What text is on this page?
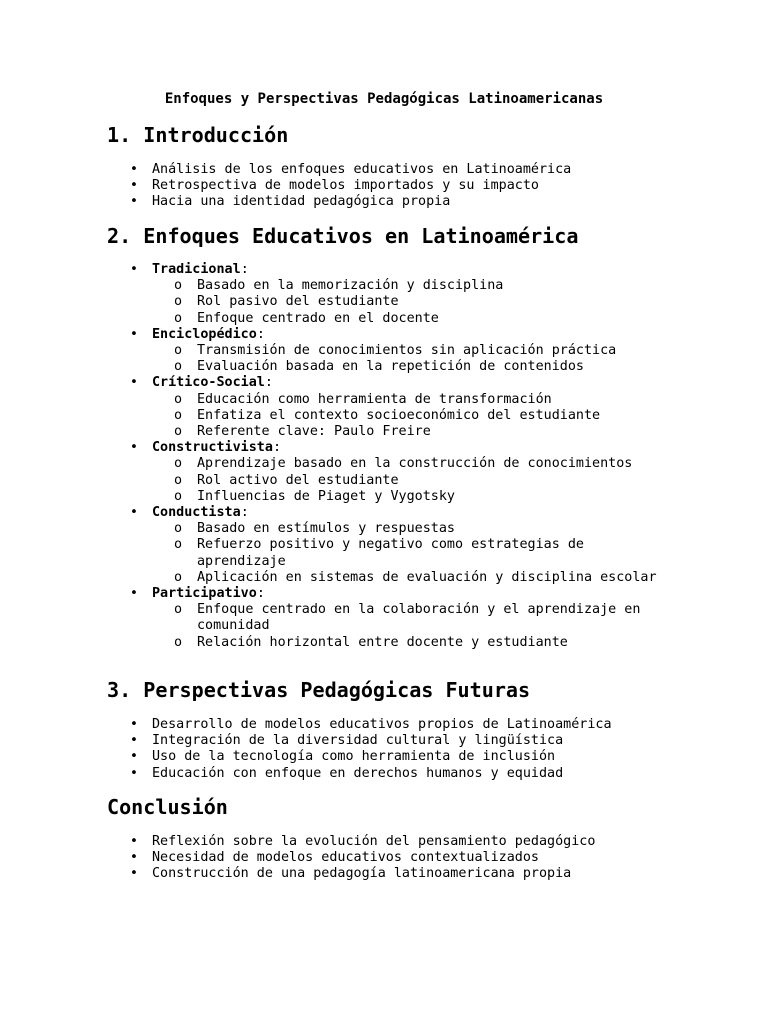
Enfoques y Perspectivas Pedagógicas Latinoamericanas
1. Introducción
• Análisis de los enfoques educativos en Latinoamérica
• Retrospectiva de modelos importados y su impacto
• Hacia una identidad pedagógica propia
2. Enfoques Educativos en Latinoamérica
• Tradicional:
o Basado en la memorización y disciplina
o Rol pasivo del estudiante
o Enfoque centrado en el docente
• Enciclopédico:
o Transmisión de conocimientos sin aplicación práctica
o Evaluación basada en la repetición de contenidos
• Crítico-Social:
o Educación como herramienta de transformación
o Enfatiza el contexto socioeconómico del estudiante
o Referente clave: Paulo Freire
• Constructivista:
o Aprendizaje basado en la construcción de conocimientos
o Rol activo del estudiante
o Influencias de Piaget y Vygotsky
• Conductista:
o Basado en estímulos y respuestas
o Refuerzo positivo y negativo como estrategias de aprendizaje
o Aplicación en sistemas de evaluación y disciplina escolar
• Participativo:
o Enfoque centrado en la colaboración y el aprendizaje en comunidad
o Relación horizontal entre docente y estudiante
3. Perspectivas Pedagógicas Futuras
• Desarrollo de modelos educativos propios de Latinoamérica
• Integración de la diversidad cultural y lingüística
• Uso de la tecnología como herramienta de inclusión
• Educación con enfoque en derechos humanos y equidad
Conclusión
• Reflexión sobre la evolución del pensamiento pedagógico
• Necesidad de modelos educativos contextualizados
• Construcción de una pedagogía latinoamericana propia
